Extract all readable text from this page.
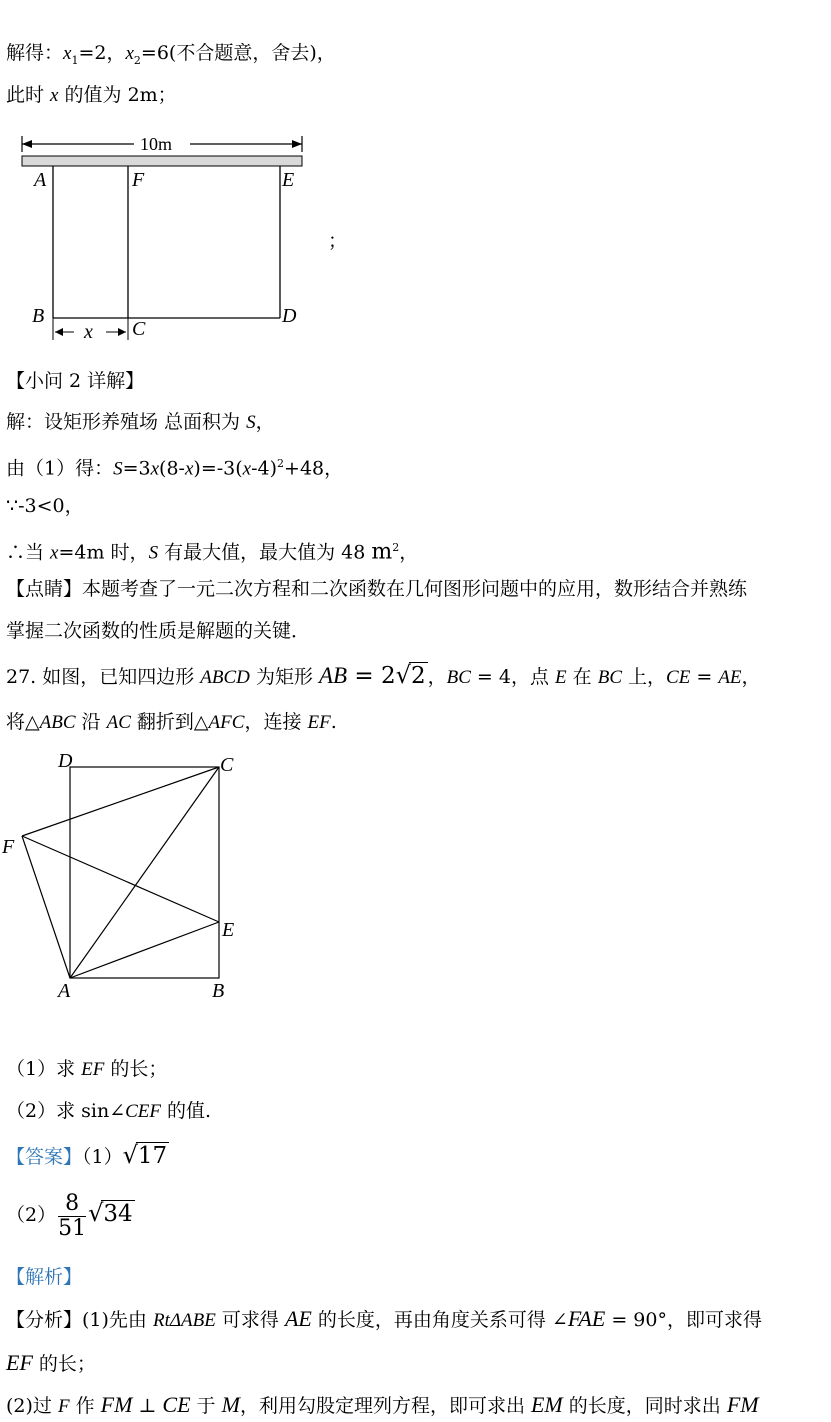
解得：$x_1=2$，$x_2=6$(不合题意，舍去)，
此时 x 的值为 2m；
10m
A	F	E
B
x C
D
；
【小问 2 详解】
解：设矩形养殖场 总面积为 S，
由（1）得：$S=3x(8-x)=-3(x-4)^2+48$，
∵-3<0，
∴当 x=4m 时，S 有最大值，最大值为 48 $m^2$，
【点睛】本题考查了一元二次方程和二次函数在几何图形问题中的应用，数形结合并熟练
掌握二次函数的性质是解题的关键．
27. 如图，已知四边形 ABCD 为矩形 AB = 2√2 ，BC = 4，点 E 在 BC 上，CE = AE，
将△ABC 沿 AC 翻折到△AFC，连接 EF.
D	C
F
E
A	B
（1）求 EF 的长；
（2）求 sin∠CEF 的值.
【答案】（1）√17
$(2) \frac{8}{51} √34$
【解析】
【分析】(1)先由 RtΔABE 可求得 AE 的长度，再由角度关系可得 ∠FAE = 90°，即可求得
EF 的长；
(2)过 F 作 FM ⊥ CE 于 M，利用勾股定理列方程，即可求出 EM 的长度，同时求出 FM
